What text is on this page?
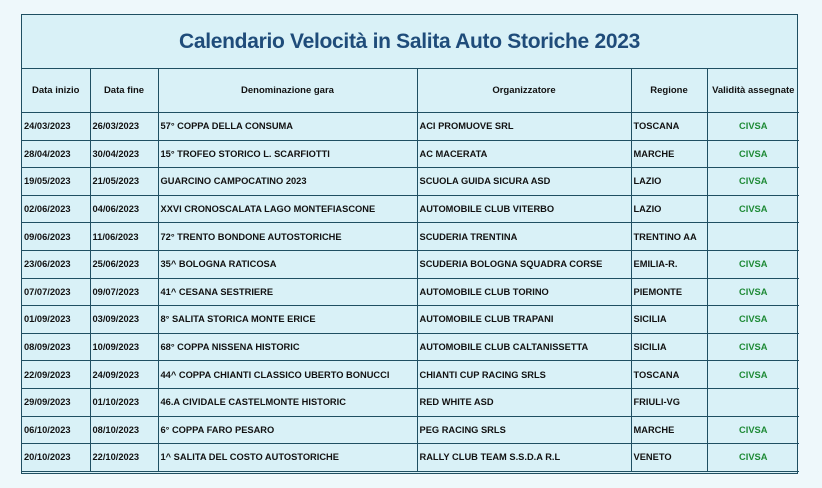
Calendario Velocità in Salita Auto Storiche 2023
Data inizio	Data fine	Denominazione gara	Organizzatore	Regione	Validità assegnate
24/03/2023	26/03/2023	57° COPPA DELLA CONSUMA	ACI PROMUOVE SRL	TOSCANA	CIVSA
28/04/2023	30/04/2023	15° TROFEO STORICO L. SCARFIOTTI	AC MACERATA	MARCHE	CIVSA
19/05/2023	21/05/2023	GUARCINO CAMPOCATINO 2023	SCUOLA GUIDA SICURA ASD	LAZIO	CIVSA
02/06/2023	04/06/2023	XXVI CRONOSCALATA LAGO MONTEFIASCONE	AUTOMOBILE CLUB VITERBO	LAZIO	CIVSA
09/06/2023	11/06/2023	72° TRENTO BONDONE AUTOSTORICHE	SCUDERIA TRENTINA	TRENTINO AA	
23/06/2023	25/06/2023	35^ BOLOGNA RATICOSA	SCUDERIA BOLOGNA SQUADRA CORSE	EMILIA-R.	CIVSA
07/07/2023	09/07/2023	41^ CESANA SESTRIERE	AUTOMOBILE CLUB TORINO	PIEMONTE	CIVSA
01/09/2023	03/09/2023	8° SALITA STORICA MONTE ERICE	AUTOMOBILE CLUB TRAPANI	SICILIA	CIVSA
08/09/2023	10/09/2023	68° COPPA NISSENA HISTORIC	AUTOMOBILE CLUB CALTANISSETTA	SICILIA	CIVSA
22/09/2023	24/09/2023	44^ COPPA CHIANTI CLASSICO UBERTO BONUCCI	CHIANTI CUP RACING SRLS	TOSCANA	CIVSA
29/09/2023	01/10/2023	46.A CIVIDALE CASTELMONTE HISTORIC	RED WHITE ASD	FRIULI-VG	
06/10/2023	08/10/2023	6° COPPA FARO PESARO	PEG RACING SRLS	MARCHE	CIVSA
20/10/2023	22/10/2023	1^ SALITA DEL COSTO AUTOSTORICHE	RALLY CLUB TEAM S.S.D.A R.L	VENETO	CIVSA
